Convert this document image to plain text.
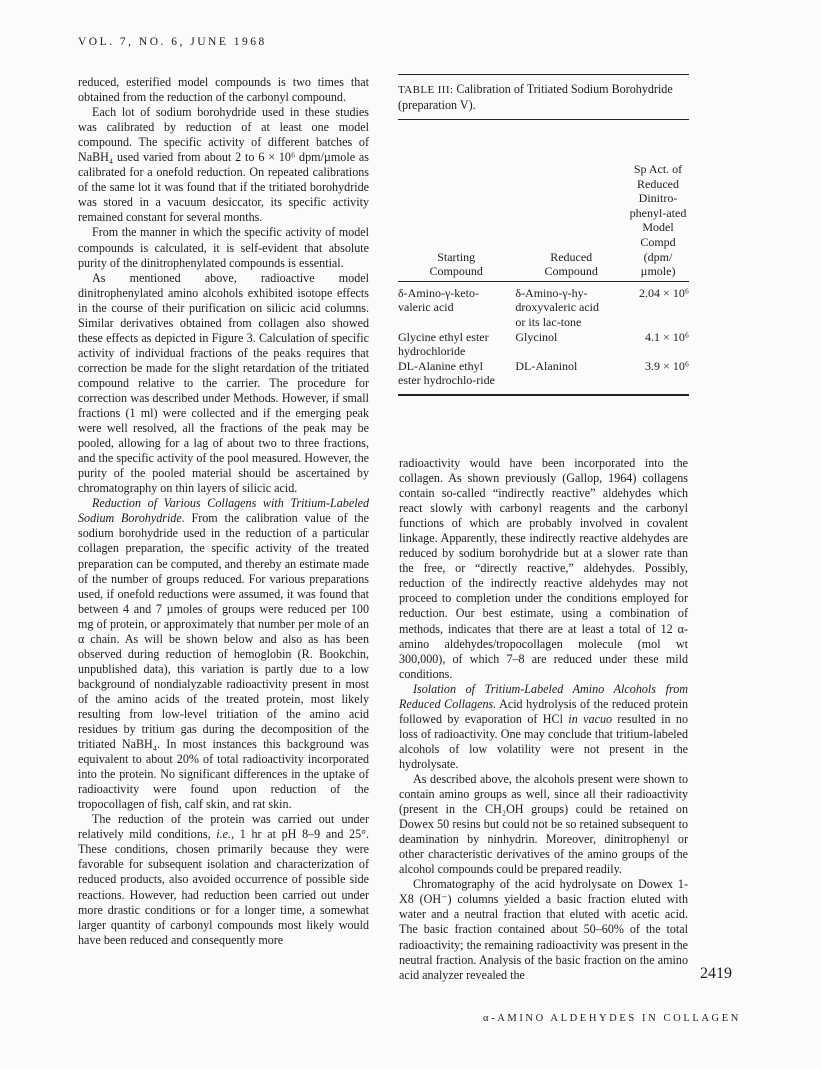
VOL. 7, NO. 6, JUNE 1968

reduced, esterified model compounds is two times that obtained from the reduction of the carbonyl compound.

Each lot of sodium borohydride used in these studies was calibrated by reduction of at least one model compound. The specific activity of different batches of NaBH₄ used varied from about 2 to 6 × 10⁶ dpm/µmole as calibrated for a onefold reduction. On repeated calibrations of the same lot it was found that if the tritiated borohydride was stored in a vacuum desiccator, its specific activity remained constant for several months.

From the manner in which the specific activity of model compounds is calculated, it is self-evident that absolute purity of the dinitrophenylated compounds is essential.

As mentioned above, radioactive model dinitrophenylated amino alcohols exhibited isotope effects in the course of their purification on silicic acid columns. Similar derivatives obtained from collagen also showed these effects as depicted in Figure 3. Calculation of specific activity of individual fractions of the peaks requires that correction be made for the slight retardation of the tritiated compound relative to the carrier. The procedure for correction was described under Methods. However, if small fractions (1 ml) were collected and if the emerging peak were well resolved, all the fractions of the peak may be pooled, allowing for a lag of about two to three fractions, and the specific activity of the pool measured. However, the purity of the pooled material should be ascertained by chromatography on thin layers of silicic acid.

Reduction of Various Collagens with Tritium-Labeled Sodium Borohydride. From the calibration value of the sodium borohydride used in the reduction of a particular collagen preparation, the specific activity of the treated preparation can be computed, and thereby an estimate made of the number of groups reduced. For various preparations used, if onefold reductions were assumed, it was found that between 4 and 7 µmoles of groups were reduced per 100 mg of protein, or approximately that number per mole of an α chain. As will be shown below and also as has been observed during reduction of hemoglobin (R. Bookchin, unpublished data), this variation is partly due to a low background of nondialyzable radioactivity present in most of the amino acids of the treated protein, most likely resulting from low-level tritiation of the amino acid residues by tritium gas during the decomposition of the tritiated NaBH₄. In most instances this background was equivalent to about 20% of total radioactivity incorporated into the protein. No significant differences in the uptake of radioactivity were found upon reduction of the tropocollagen of fish, calf skin, and rat skin.

The reduction of the protein was carried out under relatively mild conditions, i.e., 1 hr at pH 8–9 and 25°. These conditions, chosen primarily because they were favorable for subsequent isolation and characterization of reduced products, also avoided occurrence of possible side reactions. However, had reduction been carried out under more drastic conditions or for a longer time, a somewhat larger quantity of carbonyl compounds most likely would have been reduced and consequently more

TABLE III: Calibration of Tritiated Sodium Borohydride (preparation V).
Starting Compound	Reduced Compound	Sp Act. of Reduced Dinitro-phenyl-ated Model Compd (dpm/ µmole)

δ-Amino-γ-keto-valeric acid	δ-Amino-γ-hy-droxyvaleric acid or its lac-tone	2.04 × 10⁶

Glycine ethyl ester hydrochloride	Glycinol	4.1 × 10⁶

DL-Alanine ethyl ester hydrochlo-ride	DL-Alaninol	3.9 × 10⁶

radioactivity would have been incorporated into the collagen. As shown previously (Gallop, 1964) collagens contain so-called “indirectly reactive” aldehydes which react slowly with carbonyl reagents and the carbonyl functions of which are probably involved in covalent linkage. Apparently, these indirectly reactive aldehydes are reduced by sodium borohydride but at a slower rate than the free, or “directly reactive,” aldehydes. Possibly, reduction of the indirectly reactive aldehydes may not proceed to completion under the conditions employed for reduction. Our best estimate, using a combination of methods, indicates that there are at least a total of 12 α-amino aldehydes/tropocollagen molecule (mol wt 300,000), of which 7–8 are reduced under these mild conditions.

Isolation of Tritium-Labeled Amino Alcohols from Reduced Collagens. Acid hydrolysis of the reduced protein followed by evaporation of HCl in vacuo resulted in no loss of radioactivity. One may conclude that tritium-labeled alcohols of low volatility were not present in the hydrolysate.

As described above, the alcohols present were shown to contain amino groups as well, since all their radioactivity (present in the CH₂OH groups) could be retained on Dowex 50 resins but could not be so retained subsequent to deamination by ninhydrin. Moreover, dinitrophenyl or other characteristic derivatives of the amino groups of the alcohol compounds could be prepared readily.

Chromatography of the acid hydrolysate on Dowex 1-X8 (OH⁻) columns yielded a basic fraction eluted with water and a neutral fraction that eluted with acetic acid. The basic fraction contained about 50–60% of the total radioactivity; the remaining radioactivity was present in the neutral fraction. Analysis of the basic fraction on the amino acid analyzer revealed the	2419
α-AMINO ALDEHYDES IN COLLAGEN
